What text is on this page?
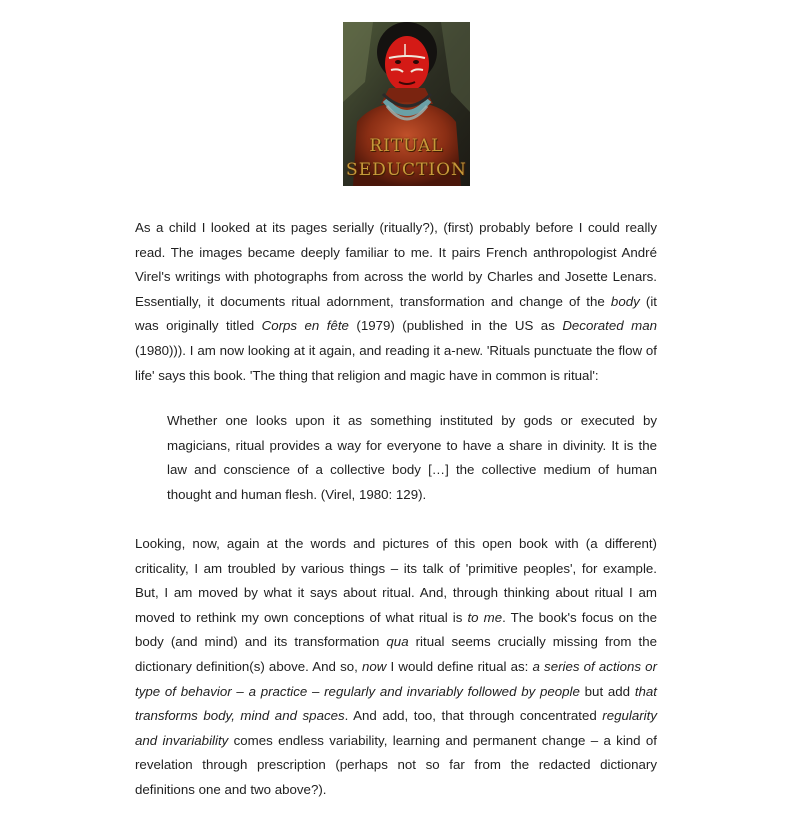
RITUAL
SEDUCTION

As a child I looked at its pages serially (ritually?), (first) probably before I could really read. The images became deeply familiar to me. It pairs French anthropologist André Virel's writings with photographs from across the world by Charles and Josette Lenars. Essentially, it documents ritual adornment, transformation and change of the body (it was originally titled Corps en fête (1979) (published in the US as Decorated man (1980))). I am now looking at it again, and reading it a-new. 'Rituals punctuate the flow of life' says this book. 'The thing that religion and magic have in common is ritual':

Whether one looks upon it as something instituted by gods or executed by magicians, ritual provides a way for everyone to have a share in divinity. It is the law and conscience of a collective body […] the collective medium of human thought and human flesh. (Virel, 1980: 129).

Looking, now, again at the words and pictures of this open book with (a different) criticality, I am troubled by various things – its talk of 'primitive peoples', for example. But, I am moved by what it says about ritual. And, through thinking about ritual I am moved to rethink my own conceptions of what ritual is to me. The book's focus on the body (and mind) and its transformation qua ritual seems crucially missing from the dictionary definition(s) above. And so, now I would define ritual as: a series of actions or type of behavior – a practice – regularly and invariably followed by people but add that transforms body, mind and spaces. And add, too, that through concentrated regularity and invariability comes endless variability, learning and permanent change – a kind of revelation through prescription (perhaps not so far from the redacted dictionary definitions one and two above?).
